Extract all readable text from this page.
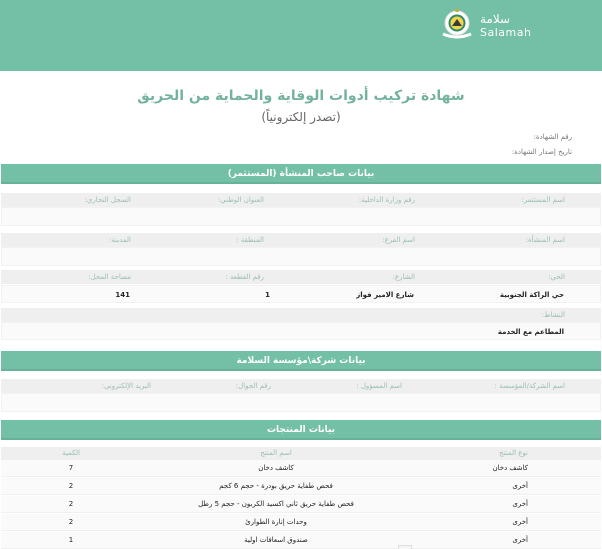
سلامة
Salamah
شهادة تركيب أدوات الوقاية والحماية من الحريق
(تصدر إلكترونياً)
رقم الشهادة:
تاريخ إصدار الشهادة:
بيانات صاحب المنشأة (المستثمر)
اسم المستثمر:
رقم وزارة الداخلية:
العنوان الوطني:
السجل التجاري:
اسم المنشأة:
اسم الفرع:
المنطقة :
المدينة:
الحي:
الشارع:
رقم القطعة :
مساحة المحل:
حي الراكة الجنوبية
شارع الامير فواز
1
141
النشاط:
المطاعم مع الخدمة
بيانات شركة\مؤسسة السلامة
اسم الشركة/المؤسسة :
اسم المسؤول :
رقم الجوال:
البريد الإلكتروني:
بيانات المنتجات
نوع المنتج
اسم المنتج
الكمية
كاشف دخان
كاشف دخان
7
أخرى
فحص طفاية حريق بودرة - حجم 6 كجم
2
أخرى
فحص طفاية حريق ثاني اكسيد الكربون - حجم 5 رطل
2
أخرى
وحدات إنارة الطوارئ
2
أخرى
صندوق اسعافات اولية
1
